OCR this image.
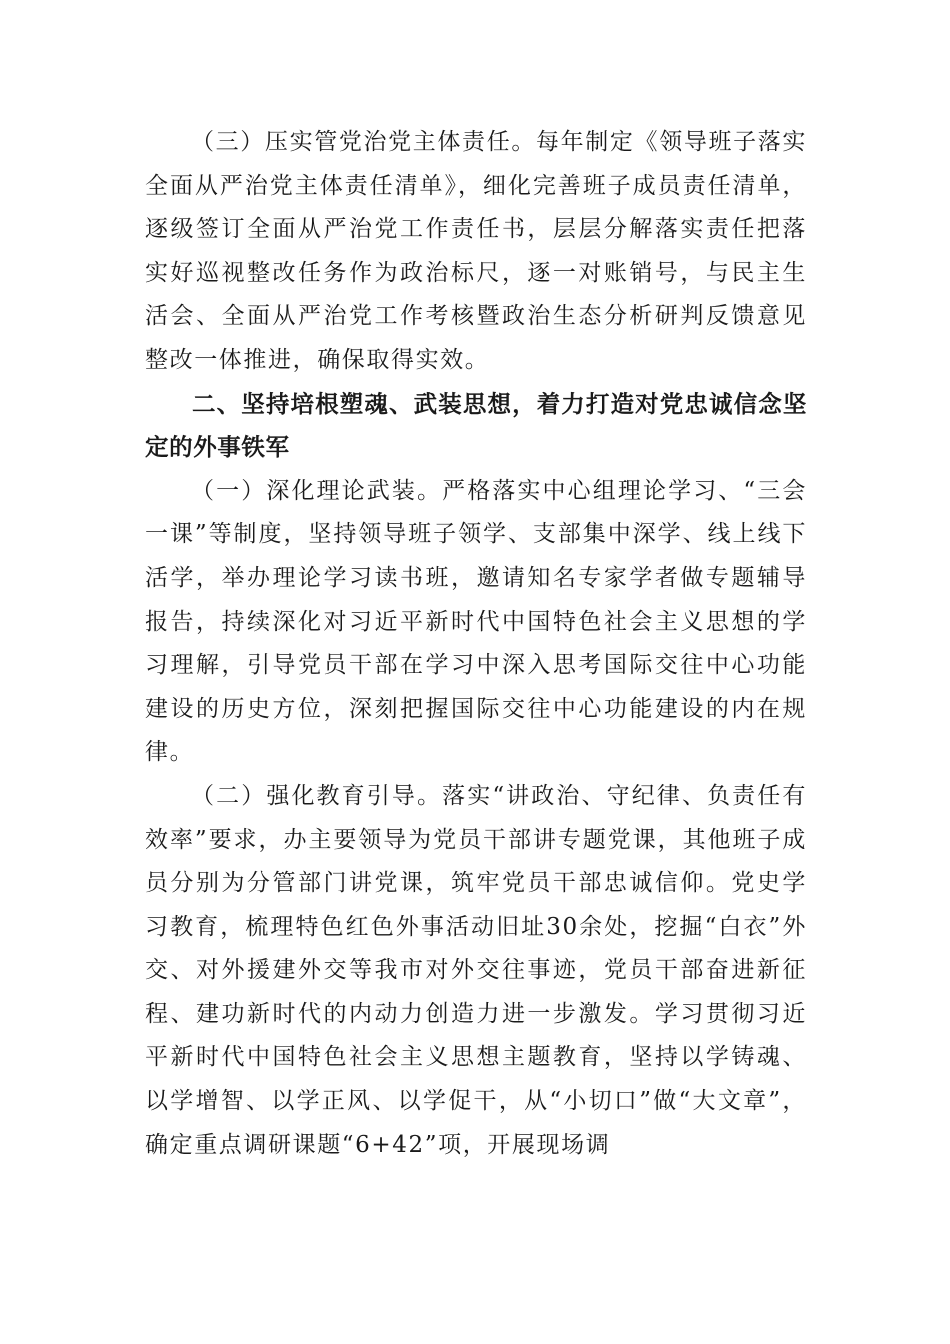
（三）压实管党治党主体责任。每年制定《领导班子落实全面从严治党主体责任清单》，细化完善班子成员责任清单，逐级签订全面从严治党工作责任书，层层分解落实责任把落实好巡视整改任务作为政治标尺，逐一对账销号，与民主生活会、全面从严治党工作考核暨政治生态分析研判反馈意见整改一体推进，确保取得实效。

二、坚持培根塑魂、武装思想，着力打造对党忠诚信念坚定的外事铁军

（一）深化理论武装。严格落实中心组理论学习、“三会一课”等制度，坚持领导班子领学、支部集中深学、线上线下活学，举办理论学习读书班，邀请知名专家学者做专题辅导报告，持续深化对习近平新时代中国特色社会主义思想的学习理解，引导党员干部在学习中深入思考国际交往中心功能建设的历史方位，深刻把握国际交往中心功能建设的内在规律。

（二）强化教育引导。落实“讲政治、守纪律、负责任有效率”要求，办主要领导为党员干部讲专题党课，其他班子成员分别为分管部门讲党课，筑牢党员干部忠诚信仰。党史学习教育，梳理特色红色外事活动旧址30余处，挖掘“白衣”外交、对外援建外交等我市对外交往事迹，党员干部奋进新征程、建功新时代的内动力创造力进一步激发。学习贯彻习近平新时代中国特色社会主义思想主题教育，坚持以学铸魂、以学增智、以学正风、以学促干，从“小切口”做“大文章”，确定重点调研课题“6+42”项，开展现场调
